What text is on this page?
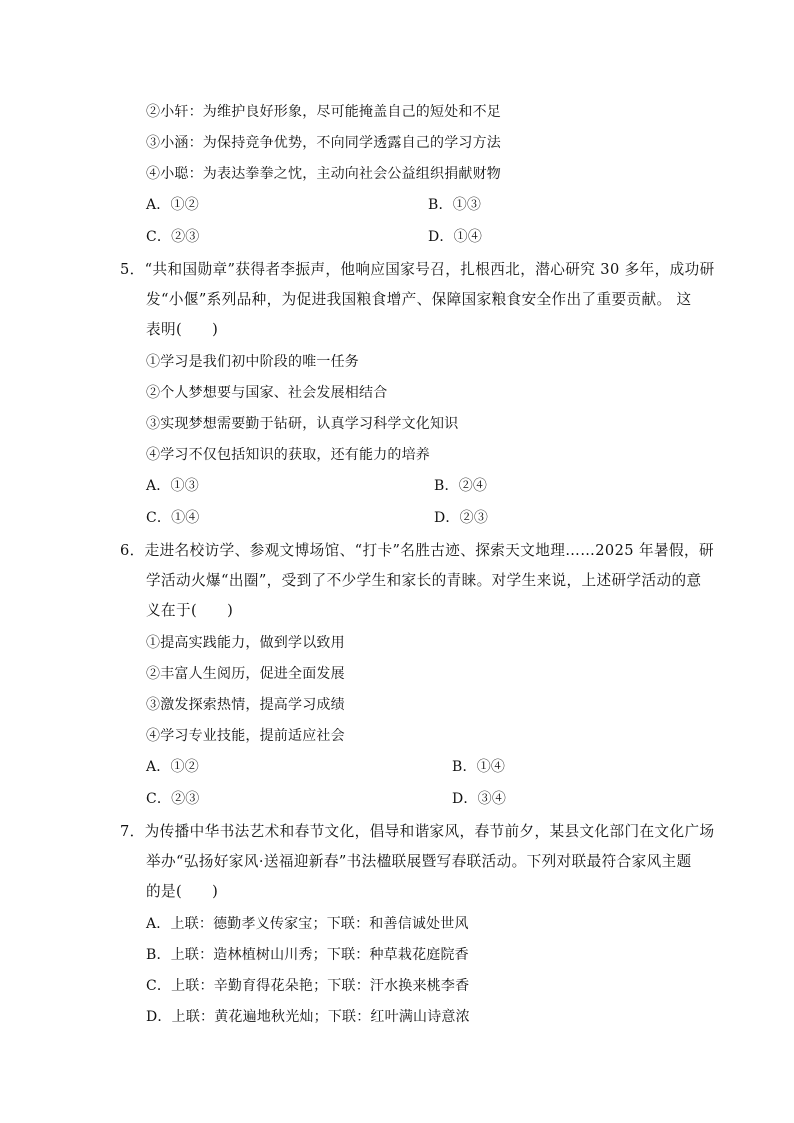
②小轩：为维护良好形象，尽可能掩盖自己的短处和不足
③小涵：为保持竞争优势，不向同学透露自己的学习方法
④小聪：为表达拳拳之忱，主动向社会公益组织捐献财物
A．①②	B．①③
C．②③	D．①④
5．“共和国勋章”获得者李振声，他响应国家号召，扎根西北，潜心研究 30 多年，成功研
发“小偃”系列品种，为促进我国粮食增产、保障国家粮食安全作出了重要贡献。 这
表明(　　)
①学习是我们初中阶段的唯一任务
②个人梦想要与国家、社会发展相结合
③实现梦想需要勤于钻研，认真学习科学文化知识
④学习不仅包括知识的获取，还有能力的培养
A．①③	B．②④
C．①④	D．②③
6．走进名校访学、参观文博场馆、“打卡”名胜古迹、探索天文地理……2025 年暑假，研
学活动火爆“出圈”，受到了不少学生和家长的青睐。对学生来说，上述研学活动的意
义在于(　　)
①提高实践能力，做到学以致用
②丰富人生阅历，促进全面发展
③激发探索热情，提高学习成绩
④学习专业技能，提前适应社会
A．①②	B．①④
C．②③	D．③④
7．为传播中华书法艺术和春节文化，倡导和谐家风，春节前夕，某县文化部门在文化广场
举办“弘扬好家风·送福迎新春”书法楹联展暨写春联活动。下列对联最符合家风主题
的是(　　)
A．上联：德勤孝义传家宝；下联：和善信诚处世风
B．上联：造林植树山川秀；下联：种草栽花庭院香
C．上联：辛勤育得花朵艳；下联：汗水换来桃李香
D．上联：黄花遍地秋光灿；下联：红叶满山诗意浓
